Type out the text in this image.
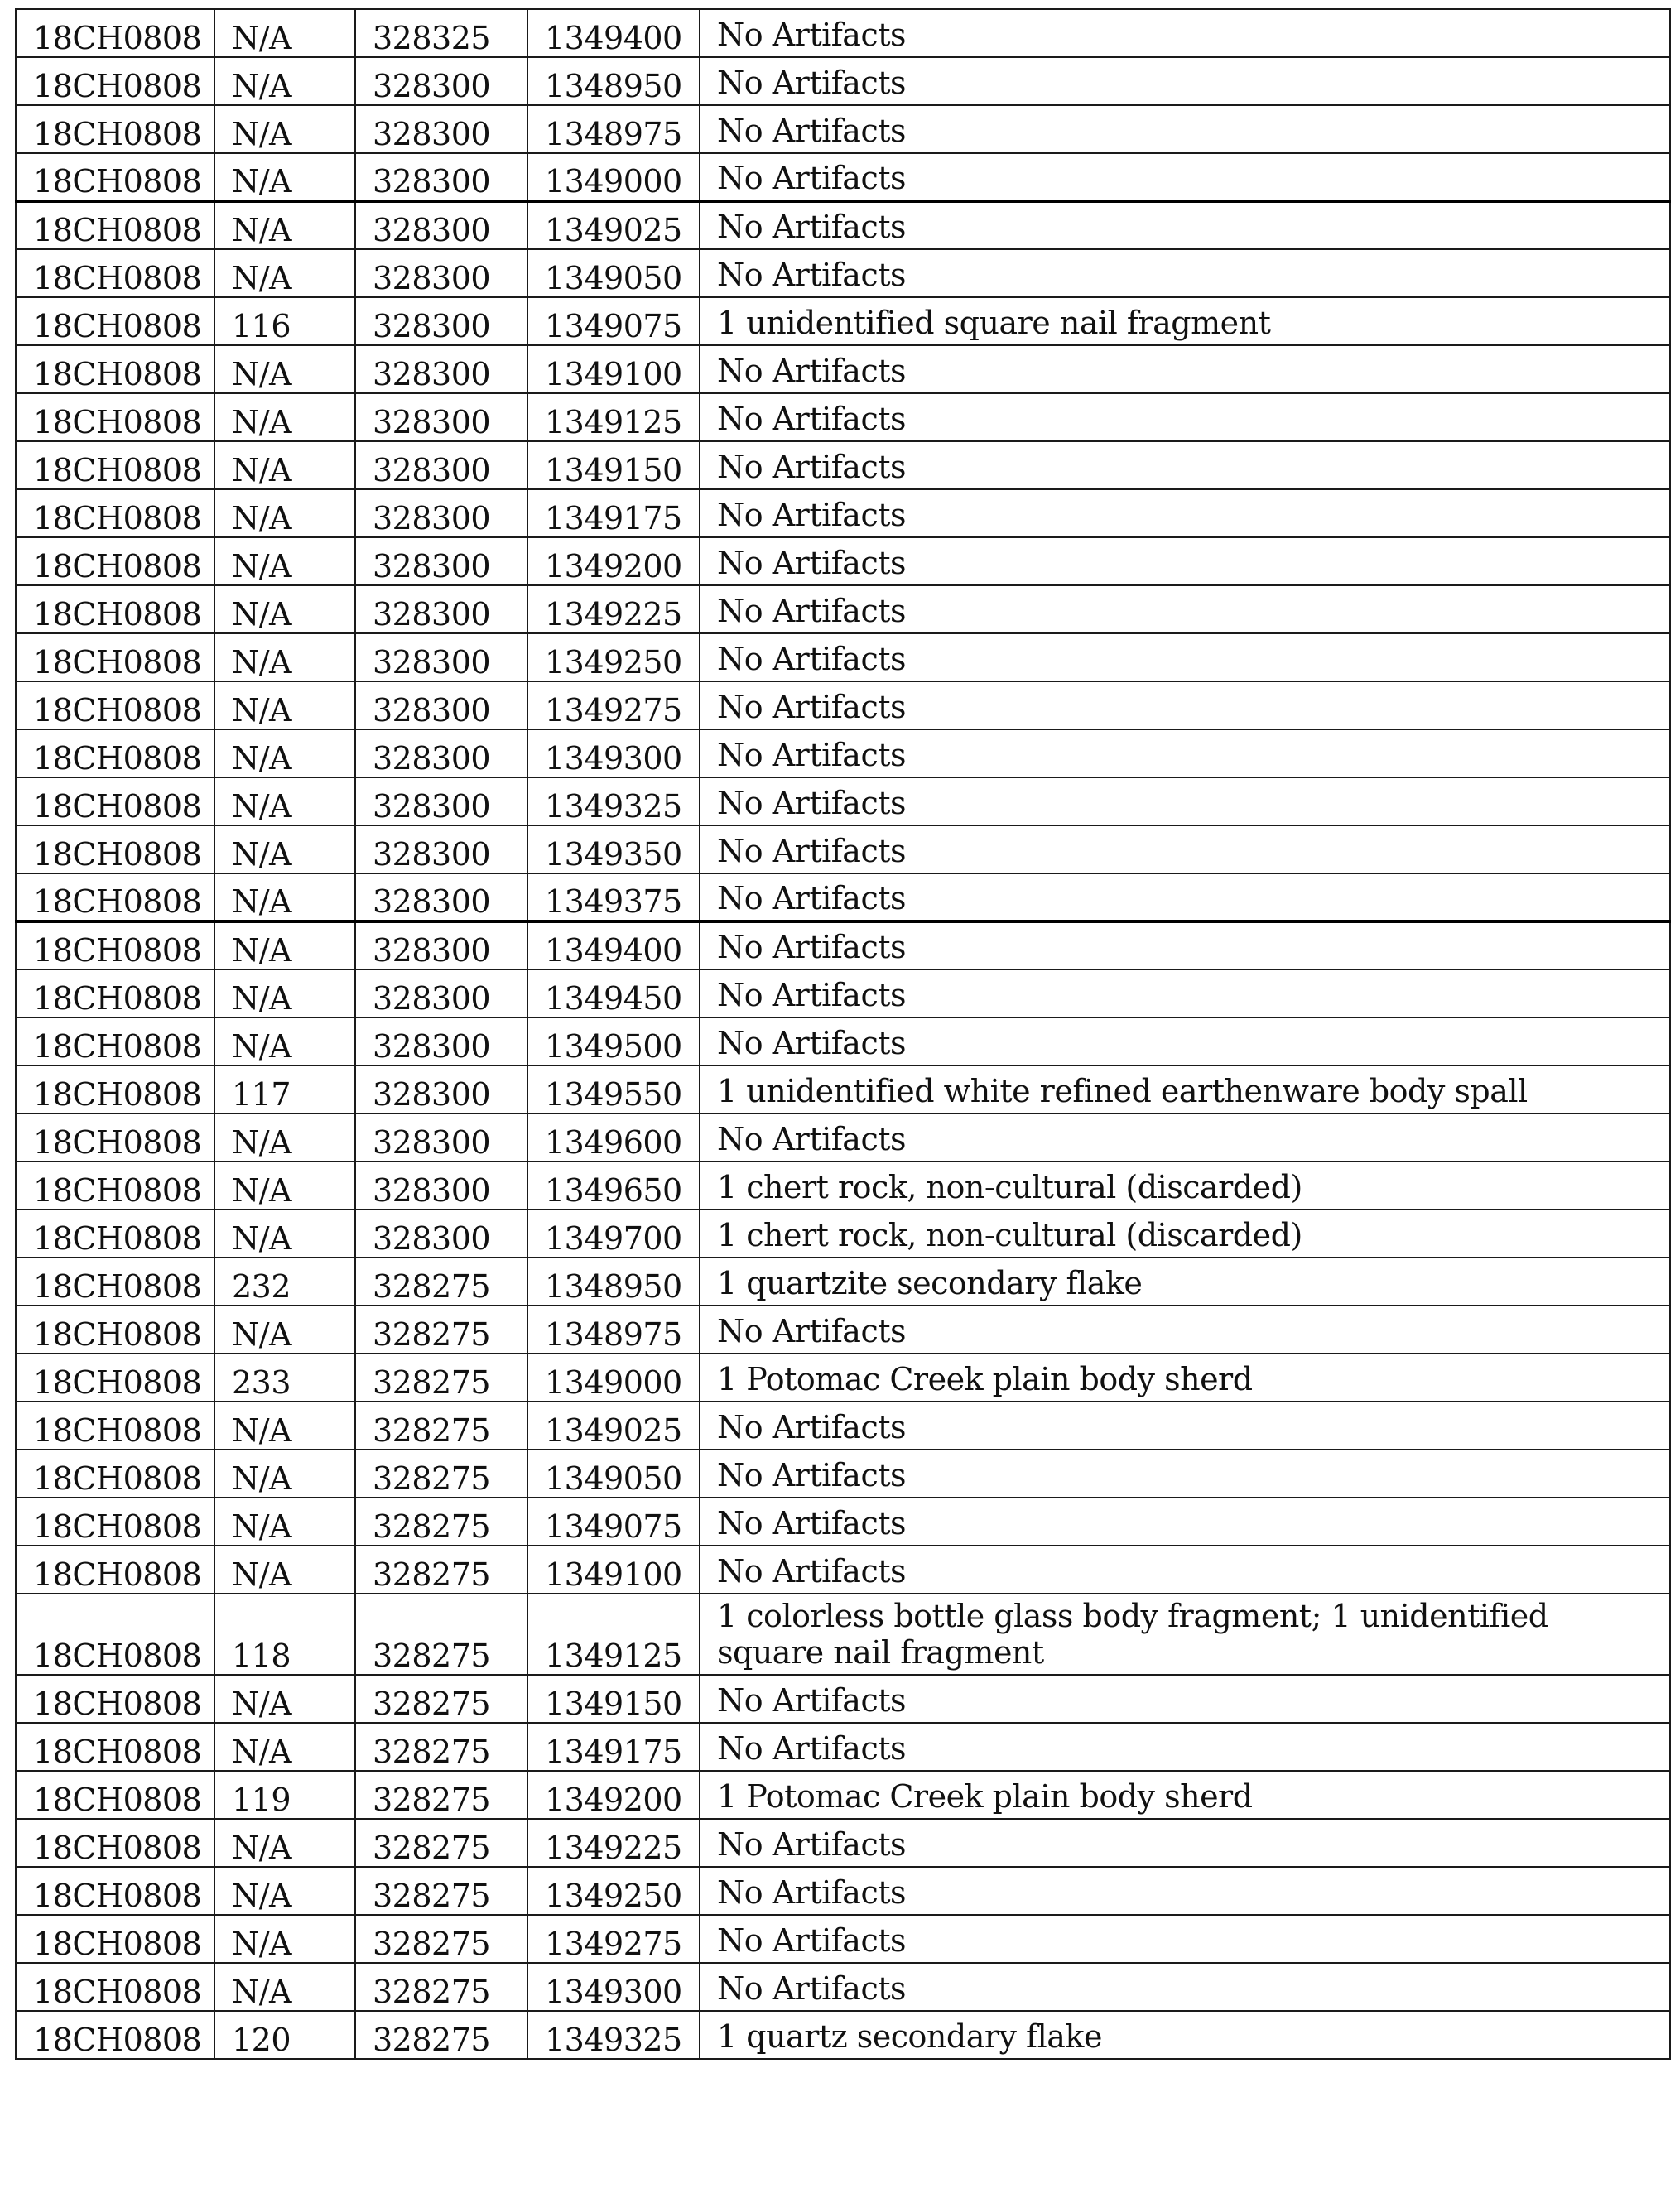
18CH0808	N/A	328325	1349400	No Artifacts
18CH0808	N/A	328300	1348950	No Artifacts
18CH0808	N/A	328300	1348975	No Artifacts
18CH0808	N/A	328300	1349000	No Artifacts
18CH0808	N/A	328300	1349025	No Artifacts
18CH0808	N/A	328300	1349050	No Artifacts
18CH0808	116	328300	1349075	1 unidentified square nail fragment
18CH0808	N/A	328300	1349100	No Artifacts
18CH0808	N/A	328300	1349125	No Artifacts
18CH0808	N/A	328300	1349150	No Artifacts
18CH0808	N/A	328300	1349175	No Artifacts
18CH0808	N/A	328300	1349200	No Artifacts
18CH0808	N/A	328300	1349225	No Artifacts
18CH0808	N/A	328300	1349250	No Artifacts
18CH0808	N/A	328300	1349275	No Artifacts
18CH0808	N/A	328300	1349300	No Artifacts
18CH0808	N/A	328300	1349325	No Artifacts
18CH0808	N/A	328300	1349350	No Artifacts
18CH0808	N/A	328300	1349375	No Artifacts
18CH0808	N/A	328300	1349400	No Artifacts
18CH0808	N/A	328300	1349450	No Artifacts
18CH0808	N/A	328300	1349500	No Artifacts
18CH0808	117	328300	1349550	1 unidentified white refined earthenware body spall
18CH0808	N/A	328300	1349600	No Artifacts
18CH0808	N/A	328300	1349650	1 chert rock, non-cultural (discarded)
18CH0808	N/A	328300	1349700	1 chert rock, non-cultural (discarded)
18CH0808	232	328275	1348950	1 quartzite secondary flake
18CH0808	N/A	328275	1348975	No Artifacts
18CH0808	233	328275	1349000	1 Potomac Creek plain body sherd
18CH0808	N/A	328275	1349025	No Artifacts
18CH0808	N/A	328275	1349050	No Artifacts
18CH0808	N/A	328275	1349075	No Artifacts
18CH0808	N/A	328275	1349100	No Artifacts
18CH0808	118	328275	1349125	1 colorless bottle glass body fragment; 1 unidentified square nail fragment
18CH0808	N/A	328275	1349150	No Artifacts
18CH0808	N/A	328275	1349175	No Artifacts
18CH0808	119	328275	1349200	1 Potomac Creek plain body sherd
18CH0808	N/A	328275	1349225	No Artifacts
18CH0808	N/A	328275	1349250	No Artifacts
18CH0808	N/A	328275	1349275	No Artifacts
18CH0808	N/A	328275	1349300	No Artifacts
18CH0808	120	328275	1349325	1 quartz secondary flake
